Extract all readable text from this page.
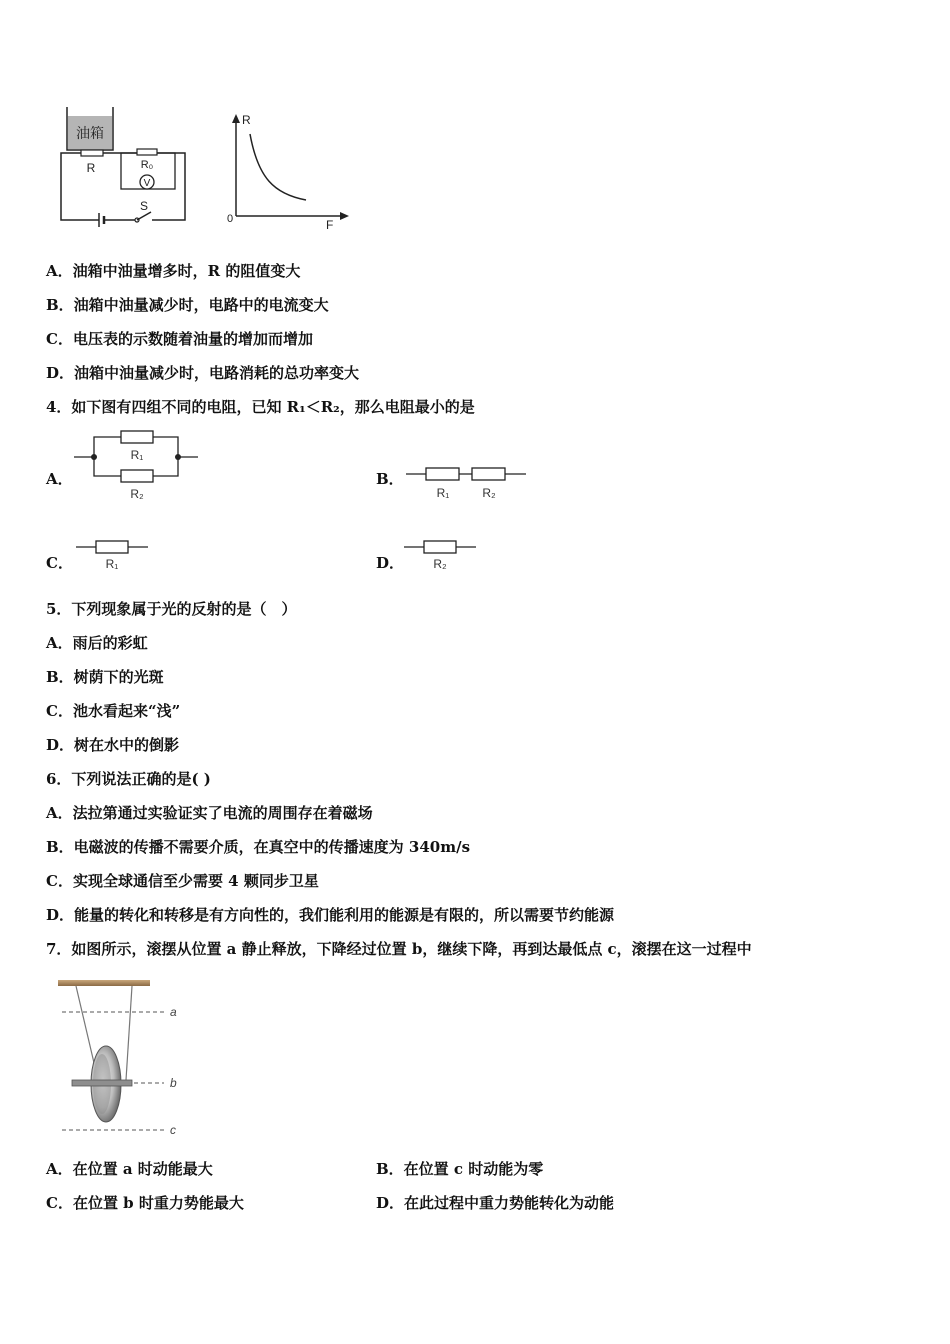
油箱
R
S
R₀
V
R
F
0
A．油箱中油量增多时，R 的阻值变大
B．油箱中油量减少时，电路中的电流变大
C．电压表的示数随着油量的增加而增加
D．油箱中油量减少时，电路消耗的总功率变大
4．如下图有四组不同的电阻，已知 R₁＜R₂，那么电阻最小的是
A．
R₁
R₂
B．
R₁	R₂
C．	R₁	D． R₂
5．下列现象属于光的反射的是（　）
A．雨后的彩虹
B．树荫下的光斑
C．池水看起来“浅”
D．树在水中的倒影
6．下列说法正确的是( )
A．法拉第通过实验证实了电流的周围存在着磁场
B．电磁波的传播不需要介质，在真空中的传播速度为 340m/s
C．实现全球通信至少需要 4 颗同步卫星
D．能量的转化和转移是有方向性的，我们能利用的能源是有限的，所以需要节约能源
7．如图所示，滚摆从位置 a 静止释放，下降经过位置 b，继续下降，再到达最低点 c，滚摆在这一过程中
a
b
c
A．在位置 a 时动能最大	B．在位置 c 时动能为零
C．在位置 b 时重力势能最大	D．在此过程中重力势能转化为动能
